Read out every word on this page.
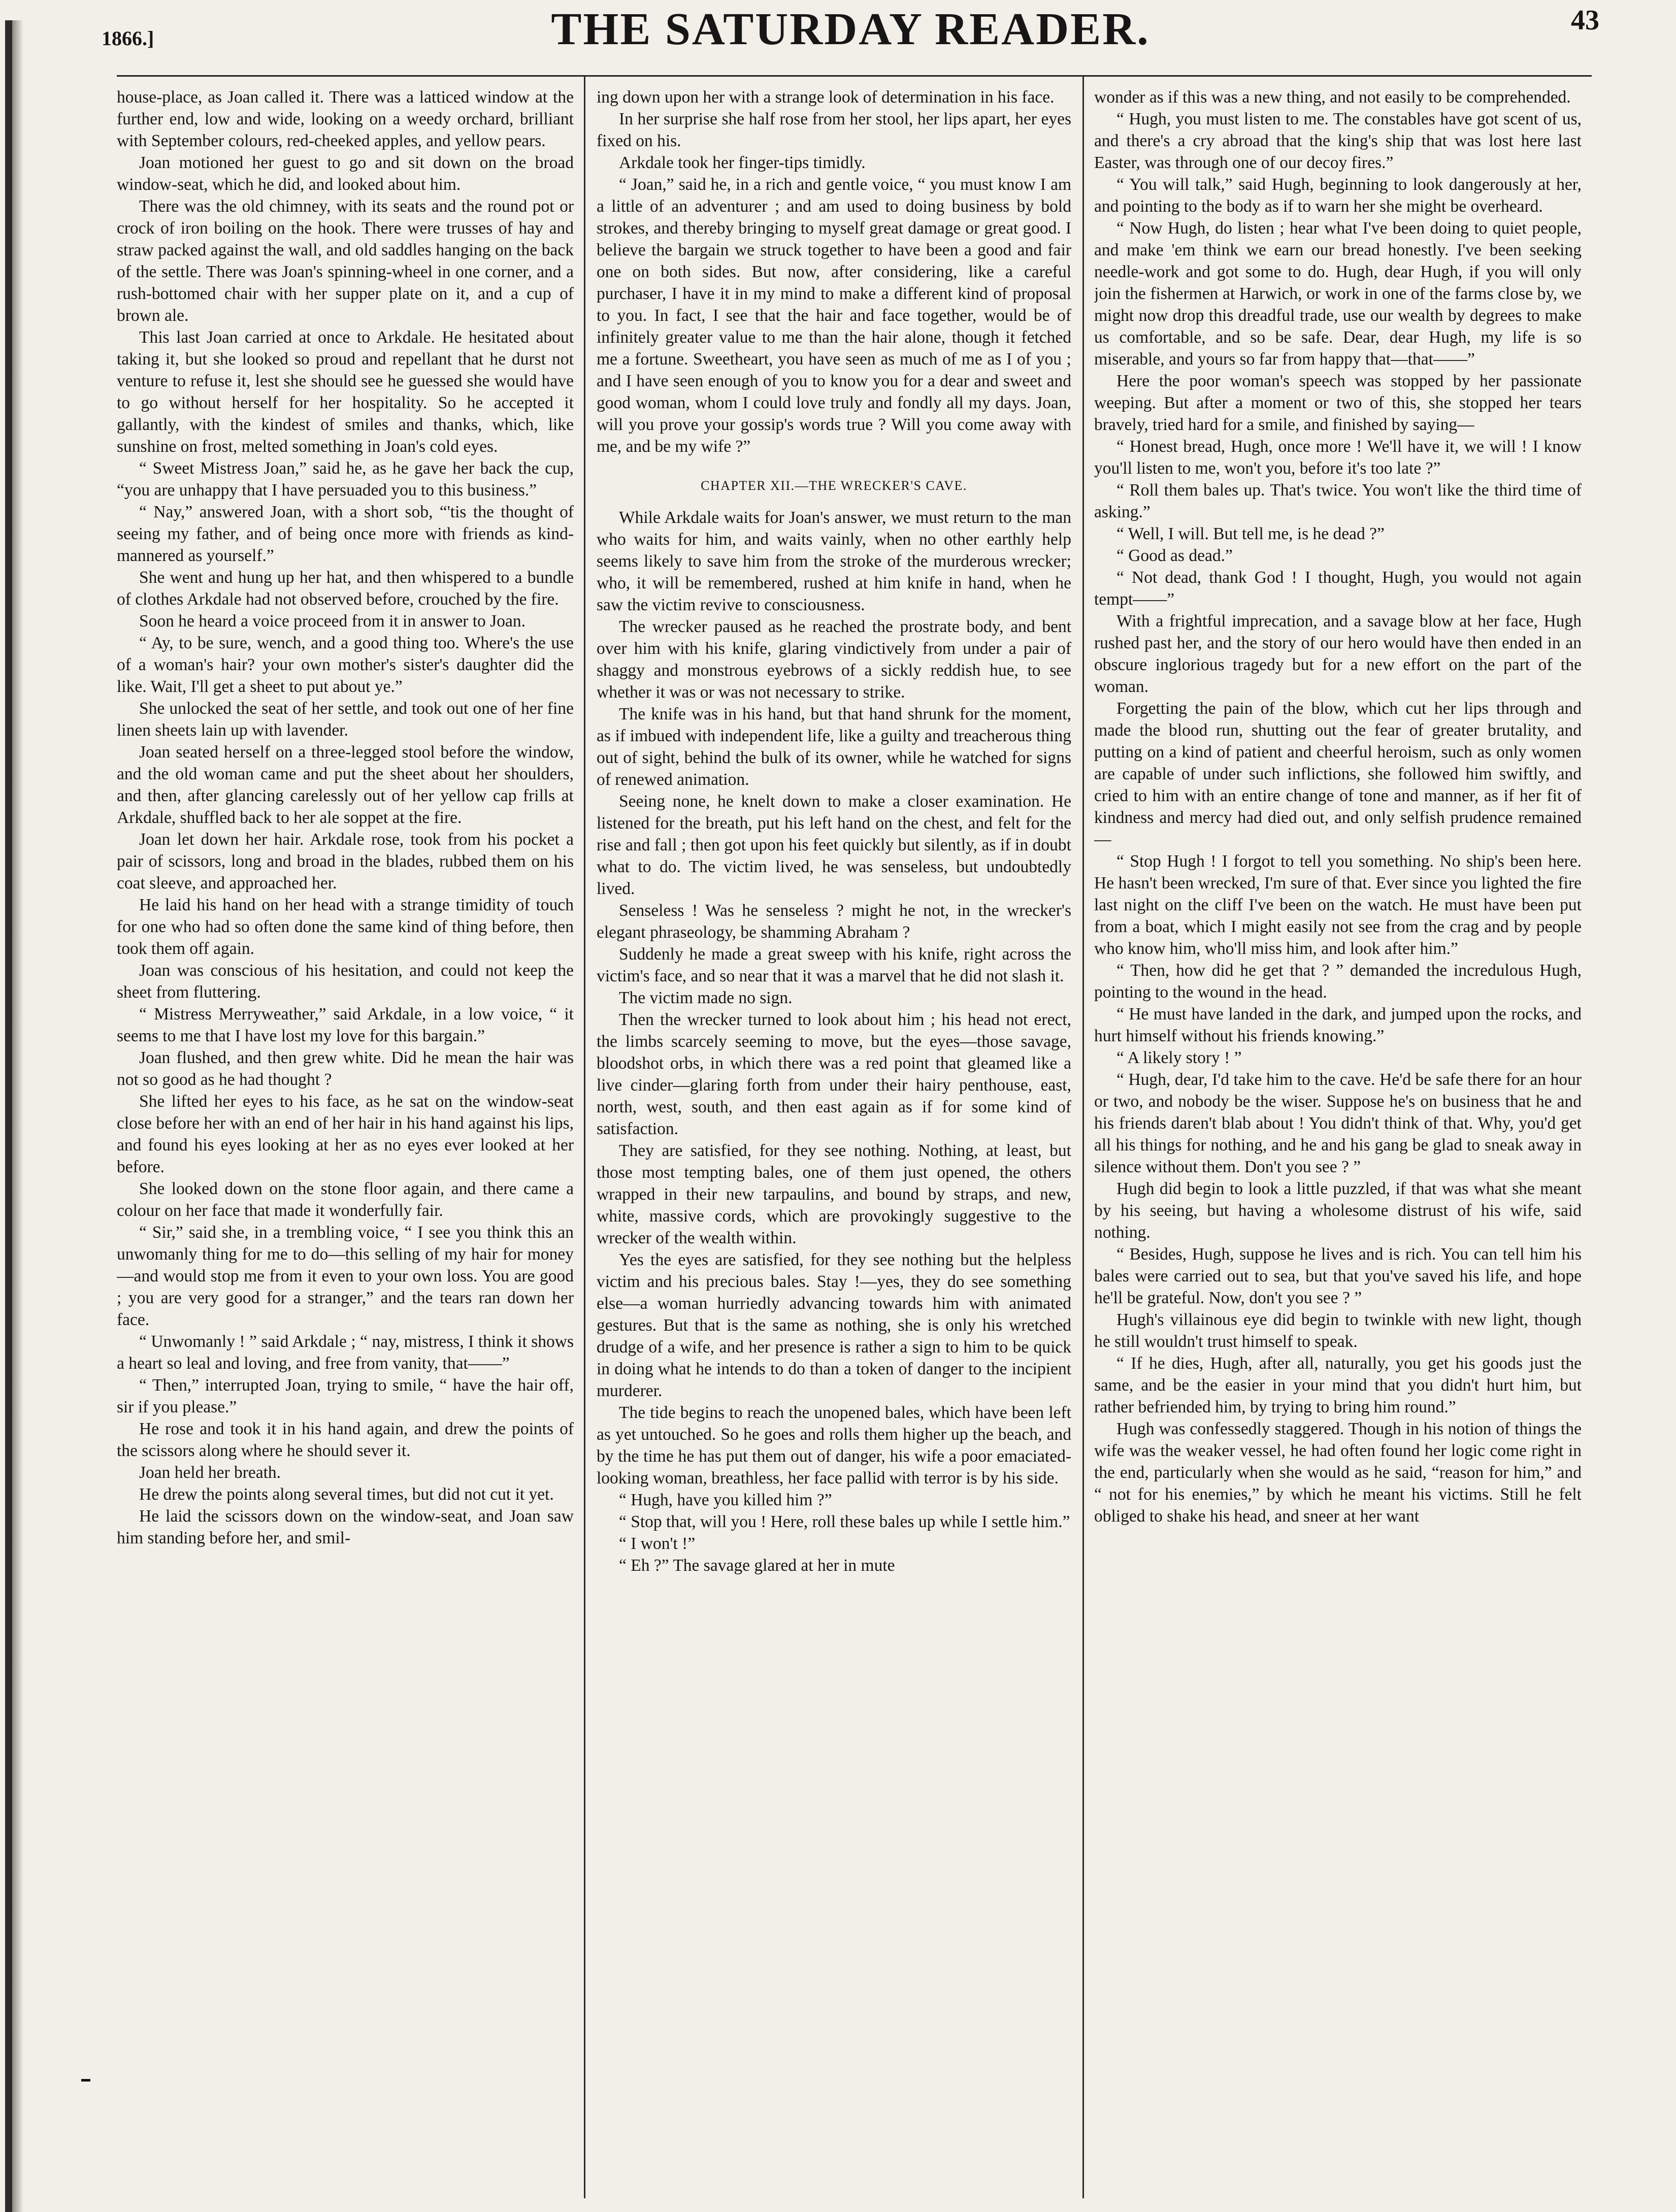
1866.]	THE SATURDAY READER.	43

house-place, as Joan called it. There was a latticed window at the further end, low and wide, looking on a weedy orchard, brilliant with September colours, red-cheeked apples, and yellow pears.

Joan motioned her guest to go and sit down on the broad window-seat, which he did, and looked about him.

There was the old chimney, with its seats and the round pot or crock of iron boiling on the hook. There were trusses of hay and straw packed against the wall, and old saddles hanging on the back of the settle. There was Joan's spinning-wheel in one corner, and a rush-bottomed chair with her supper plate on it, and a cup of brown ale.

This last Joan carried at once to Arkdale. He hesitated about taking it, but she looked so proud and repellant that he durst not venture to refuse it, lest she should see he guessed she would have to go without herself for her hospitality. So he accepted it gallantly, with the kindest of smiles and thanks, which, like sunshine on frost, melted something in Joan's cold eyes.

“ Sweet Mistress Joan,” said he, as he gave her back the cup, “you are unhappy that I have persuaded you to this business.”

“ Nay,” answered Joan, with a short sob, “'tis the thought of seeing my father, and of being once more with friends as kind-mannered as yourself.”

She went and hung up her hat, and then whispered to a bundle of clothes Arkdale had not observed before, crouched by the fire.

Soon he heard a voice proceed from it in answer to Joan.

“ Ay, to be sure, wench, and a good thing too. Where's the use of a woman's hair? your own mother's sister's daughter did the like. Wait, I'll get a sheet to put about ye.”

She unlocked the seat of her settle, and took out one of her fine linen sheets lain up with lavender.

Joan seated herself on a three-legged stool before the window, and the old woman came and put the sheet about her shoulders, and then, after glancing carelessly out of her yellow cap frills at Arkdale, shuffled back to her ale soppet at the fire.

Joan let down her hair. Arkdale rose, took from his pocket a pair of scissors, long and broad in the blades, rubbed them on his coat sleeve, and approached her.

He laid his hand on her head with a strange timidity of touch for one who had so often done the same kind of thing before, then took them off again.

Joan was conscious of his hesitation, and could not keep the sheet from fluttering.

“ Mistress Merryweather,” said Arkdale, in a low voice, “ it seems to me that I have lost my love for this bargain.”

Joan flushed, and then grew white. Did he mean the hair was not so good as he had thought ?

She lifted her eyes to his face, as he sat on the window-seat close before her with an end of her hair in his hand against his lips, and found his eyes looking at her as no eyes ever looked at her before.

She looked down on the stone floor again, and there came a colour on her face that made it wonderfully fair.

“ Sir,” said she, in a trembling voice, “ I see you think this an unwomanly thing for me to do—this selling of my hair for money—and would stop me from it even to your own loss. You are good ; you are very good for a stranger,” and the tears ran down her face.

“ Unwomanly ! ” said Arkdale ; “ nay, mistress, I think it shows a heart so leal and loving, and free from vanity, that——”

“ Then,” interrupted Joan, trying to smile, “ have the hair off, sir if you please.”

He rose and took it in his hand again, and drew the points of the scissors along where he should sever it.

Joan held her breath.

He drew the points along several times, but did not cut it yet.

He laid the scissors down on the window-seat, and Joan saw him standing before her, and smil-

ing down upon her with a strange look of determination in his face.

In her surprise she half rose from her stool, her lips apart, her eyes fixed on his.

Arkdale took her finger-tips timidly.

“ Joan,” said he, in a rich and gentle voice, “ you must know I am a little of an adventurer ; and am used to doing business by bold strokes, and thereby bringing to myself great damage or great good. I believe the bargain we struck together to have been a good and fair one on both sides. But now, after considering, like a careful purchaser, I have it in my mind to make a different kind of proposal to you. In fact, I see that the hair and face together, would be of infinitely greater value to me than the hair alone, though it fetched me a fortune. Sweetheart, you have seen as much of me as I of you ; and I have seen enough of you to know you for a dear and sweet and good woman, whom I could love truly and fondly all my days. Joan, will you prove your gossip's words true ? Will you come away with me, and be my wife ?”

CHAPTER XII.—THE WRECKER'S CAVE.

While Arkdale waits for Joan's answer, we must return to the man who waits for him, and waits vainly, when no other earthly help seems likely to save him from the stroke of the murderous wrecker; who, it will be remembered, rushed at him knife in hand, when he saw the victim revive to consciousness.

The wrecker paused as he reached the prostrate body, and bent over him with his knife, glaring vindictively from under a pair of shaggy and monstrous eyebrows of a sickly reddish hue, to see whether it was or was not necessary to strike.

The knife was in his hand, but that hand shrunk for the moment, as if imbued with independent life, like a guilty and treacherous thing out of sight, behind the bulk of its owner, while he watched for signs of renewed animation.

Seeing none, he knelt down to make a closer examination. He listened for the breath, put his left hand on the chest, and felt for the rise and fall ; then got upon his feet quickly but silently, as if in doubt what to do. The victim lived, he was senseless, but undoubtedly lived.

Senseless ! Was he senseless ? might he not, in the wrecker's elegant phraseology, be shamming Abraham ?

Suddenly he made a great sweep with his knife, right across the victim's face, and so near that it was a marvel that he did not slash it.

The victim made no sign.

Then the wrecker turned to look about him ; his head not erect, the limbs scarcely seeming to move, but the eyes—those savage, bloodshot orbs, in which there was a red point that gleamed like a live cinder—glaring forth from under their hairy penthouse, east, north, west, south, and then east again as if for some kind of satisfaction.

They are satisfied, for they see nothing. Nothing, at least, but those most tempting bales, one of them just opened, the others wrapped in their new tarpaulins, and bound by straps, and new, white, massive cords, which are provokingly suggestive to the wrecker of the wealth within.

Yes the eyes are satisfied, for they see nothing but the helpless victim and his precious bales. Stay !—yes, they do see something else—a woman hurriedly advancing towards him with animated gestures. But that is the same as nothing, she is only his wretched drudge of a wife, and her presence is rather a sign to him to be quick in doing what he intends to do than a token of danger to the incipient murderer.

The tide begins to reach the unopened bales, which have been left as yet untouched. So he goes and rolls them higher up the beach, and by the time he has put them out of danger, his wife a poor emaciated-looking woman, breathless, her face pallid with terror is by his side.

“ Hugh, have you killed him ?”

“ Stop that, will you ! Here, roll these bales up while I settle him.”

“ I won't !”

“ Eh ?” The savage glared at her in mute

wonder as if this was a new thing, and not easily to be comprehended.

“ Hugh, you must listen to me. The constables have got scent of us, and there's a cry abroad that the king's ship that was lost here last Easter, was through one of our decoy fires.”

“ You will talk,” said Hugh, beginning to look dangerously at her, and pointing to the body as if to warn her she might be overheard.

“ Now Hugh, do listen ; hear what I've been doing to quiet people, and make 'em think we earn our bread honestly. I've been seeking needle-work and got some to do. Hugh, dear Hugh, if you will only join the fishermen at Harwich, or work in one of the farms close by, we might now drop this dreadful trade, use our wealth by degrees to make us comfortable, and so be safe. Dear, dear Hugh, my life is so miserable, and yours so far from happy that—that——”

Here the poor woman's speech was stopped by her passionate weeping. But after a moment or two of this, she stopped her tears bravely, tried hard for a smile, and finished by saying—

“ Honest bread, Hugh, once more ! We'll have it, we will ! I know you'll listen to me, won't you, before it's too late ?”

“ Roll them bales up. That's twice. You won't like the third time of asking.”

“ Well, I will. But tell me, is he dead ?”

“ Good as dead.”

“ Not dead, thank God ! I thought, Hugh, you would not again tempt——”

With a frightful imprecation, and a savage blow at her face, Hugh rushed past her, and the story of our hero would have then ended in an obscure inglorious tragedy but for a new effort on the part of the woman.

Forgetting the pain of the blow, which cut her lips through and made the blood run, shutting out the fear of greater brutality, and putting on a kind of patient and cheerful heroism, such as only women are capable of under such inflictions, she followed him swiftly, and cried to him with an entire change of tone and manner, as if her fit of kindness and mercy had died out, and only selfish prudence remained—

“ Stop Hugh ! I forgot to tell you something. No ship's been here. He hasn't been wrecked, I'm sure of that. Ever since you lighted the fire last night on the cliff I've been on the watch. He must have been put from a boat, which I might easily not see from the crag and by people who know him, who'll miss him, and look after him.”

“ Then, how did he get that ? ” demanded the incredulous Hugh, pointing to the wound in the head.

“ He must have landed in the dark, and jumped upon the rocks, and hurt himself without his friends knowing.”

“ A likely story ! ”

“ Hugh, dear, I'd take him to the cave. He'd be safe there for an hour or two, and nobody be the wiser. Suppose he's on business that he and his friends daren't blab about ! You didn't think of that. Why, you'd get all his things for nothing, and he and his gang be glad to sneak away in silence without them. Don't you see ? ”

Hugh did begin to look a little puzzled, if that was what she meant by his seeing, but having a wholesome distrust of his wife, said nothing.

“ Besides, Hugh, suppose he lives and is rich. You can tell him his bales were carried out to sea, but that you've saved his life, and hope he'll be grateful. Now, don't you see ? ”

Hugh's villainous eye did begin to twinkle with new light, though he still wouldn't trust himself to speak.

“ If he dies, Hugh, after all, naturally, you get his goods just the same, and be the easier in your mind that you didn't hurt him, but rather befriended him, by trying to bring him round.”

Hugh was confessedly staggered. Though in his notion of things the wife was the weaker vessel, he had often found her logic come right in the end, particularly when she would as he said, “reason for him,” and “ not for his enemies,” by which he meant his victims. Still he felt obliged to shake his head, and sneer at her want
